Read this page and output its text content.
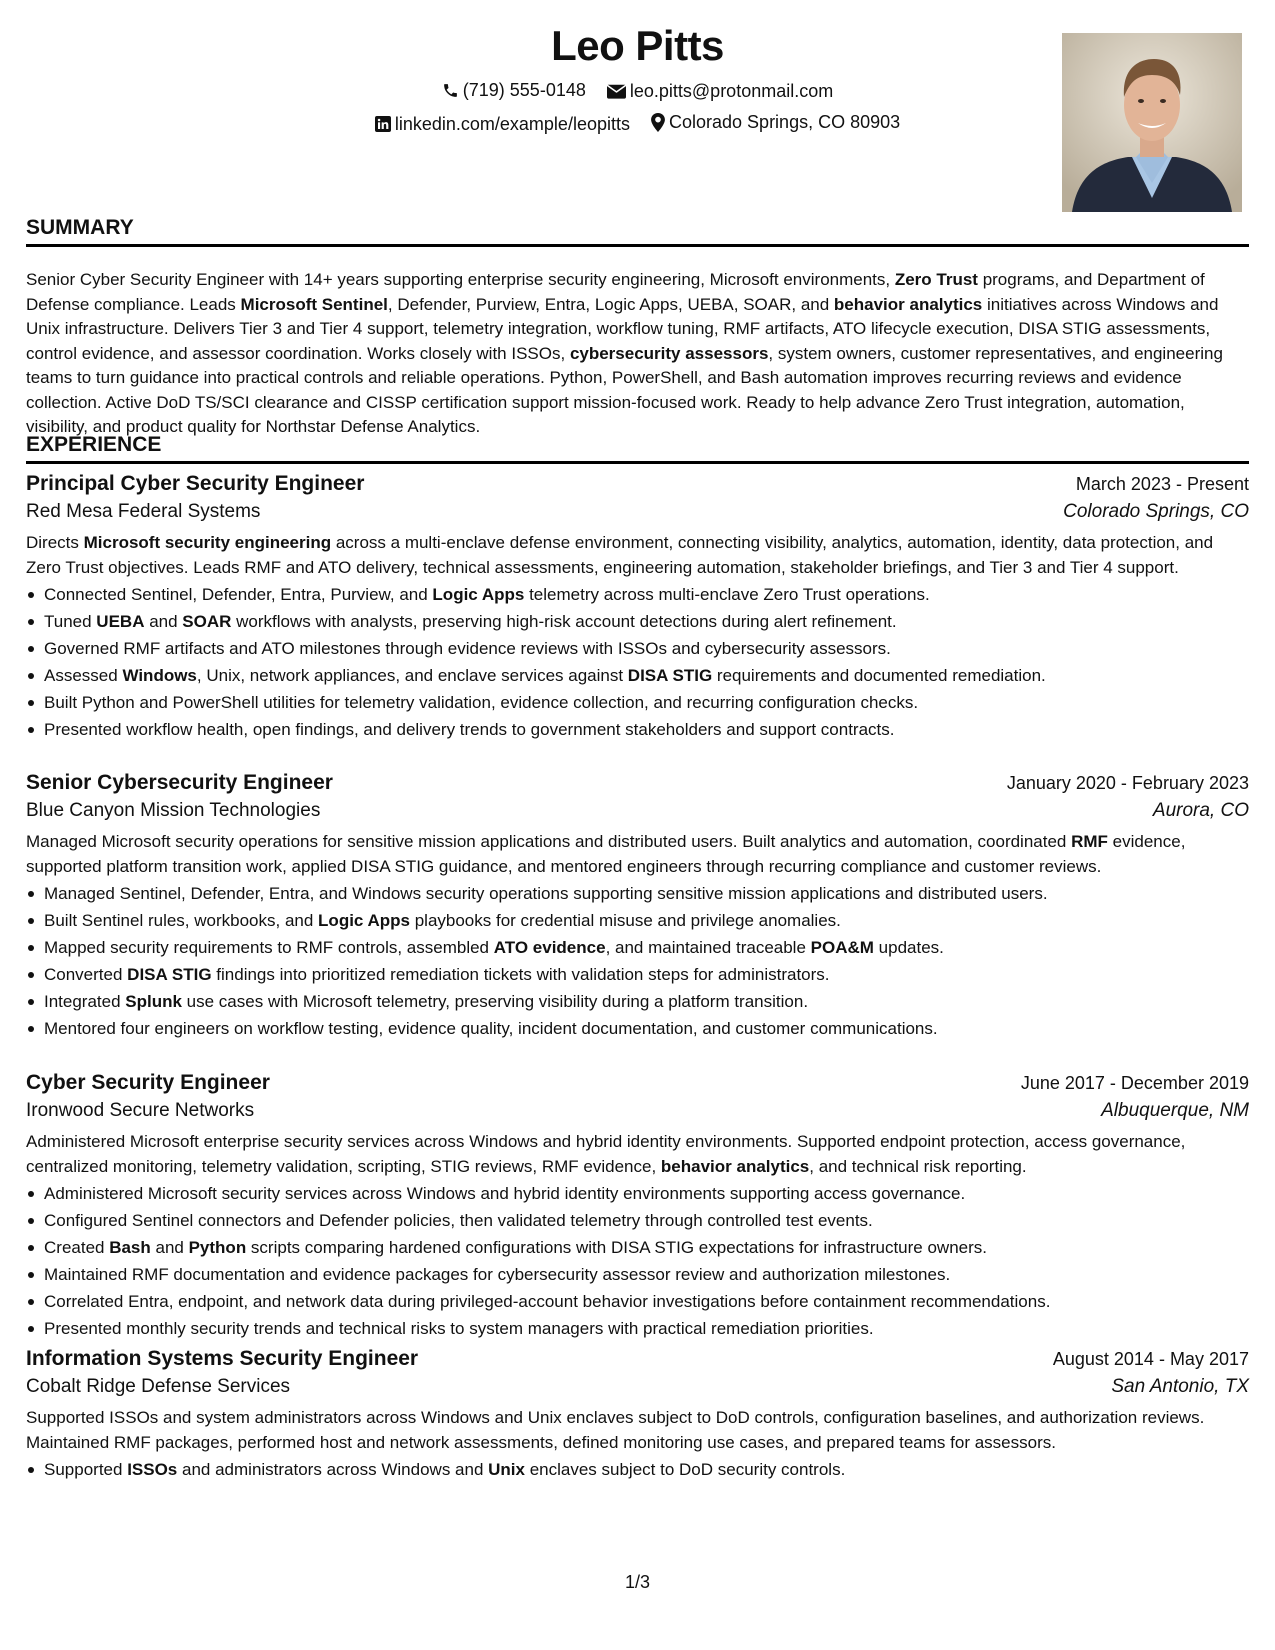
Leo Pitts
(719) 555-0148
leo.pitts@protonmail.com
linkedin.com/example/leopitts
Colorado Springs, CO 80903
SUMMARY

Senior Cyber Security Engineer with 14+ years supporting enterprise security engineering, Microsoft environments, Zero Trust programs, and Department of Defense compliance. Leads Microsoft Sentinel, Defender, Purview, Entra, Logic Apps, UEBA, SOAR, and behavior analytics initiatives across Windows and Unix infrastructure. Delivers Tier 3 and Tier 4 support, telemetry integration, workflow tuning, RMF artifacts, ATO lifecycle execution, DISA STIG assessments, control evidence, and assessor coordination. Works closely with ISSOs, cybersecurity assessors, system owners, customer representatives, and engineering teams to turn guidance into practical controls and reliable operations. Python, PowerShell, and Bash automation improves recurring reviews and evidence collection. Active DoD TS/SCI clearance and CISSP certification support mission-focused work. Ready to help advance Zero Trust integration, automation, visibility, and product quality for Northstar Defense Analytics.

EXPERIENCE
Principal Cyber Security Engineer	March 2023 - Present
Red Mesa Federal Systems	Colorado Springs, CO

Directs Microsoft security engineering across a multi-enclave defense environment, connecting visibility, analytics, automation, identity, data protection, and Zero Trust objectives. Leads RMF and ATO delivery, technical assessments, engineering automation, stakeholder briefings, and Tier 3 and Tier 4 support.

Connected Sentinel, Defender, Entra, Purview, and Logic Apps telemetry across multi-enclave Zero Trust operations.
Tuned UEBA and SOAR workflows with analysts, preserving high-risk account detections during alert refinement.
Governed RMF artifacts and ATO milestones through evidence reviews with ISSOs and cybersecurity assessors.
Assessed Windows, Unix, network appliances, and enclave services against DISA STIG requirements and documented remediation.
Built Python and PowerShell utilities for telemetry validation, evidence collection, and recurring configuration checks.
Presented workflow health, open findings, and delivery trends to government stakeholders and support contracts.
Senior Cybersecurity Engineer	January 2020 - February 2023
Blue Canyon Mission Technologies	Aurora, CO

Managed Microsoft security operations for sensitive mission applications and distributed users. Built analytics and automation, coordinated RMF evidence, supported platform transition work, applied DISA STIG guidance, and mentored engineers through recurring compliance and customer reviews.

Managed Sentinel, Defender, Entra, and Windows security operations supporting sensitive mission applications and distributed users.
Built Sentinel rules, workbooks, and Logic Apps playbooks for credential misuse and privilege anomalies.
Mapped security requirements to RMF controls, assembled ATO evidence, and maintained traceable POA&M updates.
Converted DISA STIG findings into prioritized remediation tickets with validation steps for administrators.
Integrated Splunk use cases with Microsoft telemetry, preserving visibility during a platform transition.
Mentored four engineers on workflow testing, evidence quality, incident documentation, and customer communications.
Cyber Security Engineer	June 2017 - December 2019
Ironwood Secure Networks	Albuquerque, NM

Administered Microsoft enterprise security services across Windows and hybrid identity environments. Supported endpoint protection, access governance, centralized monitoring, telemetry validation, scripting, STIG reviews, RMF evidence, behavior analytics, and technical risk reporting.

Administered Microsoft security services across Windows and hybrid identity environments supporting access governance.
Configured Sentinel connectors and Defender policies, then validated telemetry through controlled test events.
Created Bash and Python scripts comparing hardened configurations with DISA STIG expectations for infrastructure owners.
Maintained RMF documentation and evidence packages for cybersecurity assessor review and authorization milestones.
Correlated Entra, endpoint, and network data during privileged-account behavior investigations before containment recommendations.
Presented monthly security trends and technical risks to system managers with practical remediation priorities.
Information Systems Security Engineer	August 2014 - May 2017
Cobalt Ridge Defense Services	San Antonio, TX

Supported ISSOs and system administrators across Windows and Unix enclaves subject to DoD controls, configuration baselines, and authorization reviews. Maintained RMF packages, performed host and network assessments, defined monitoring use cases, and prepared teams for assessors.

Supported ISSOs and administrators across Windows and Unix enclaves subject to DoD security controls.
1/3
